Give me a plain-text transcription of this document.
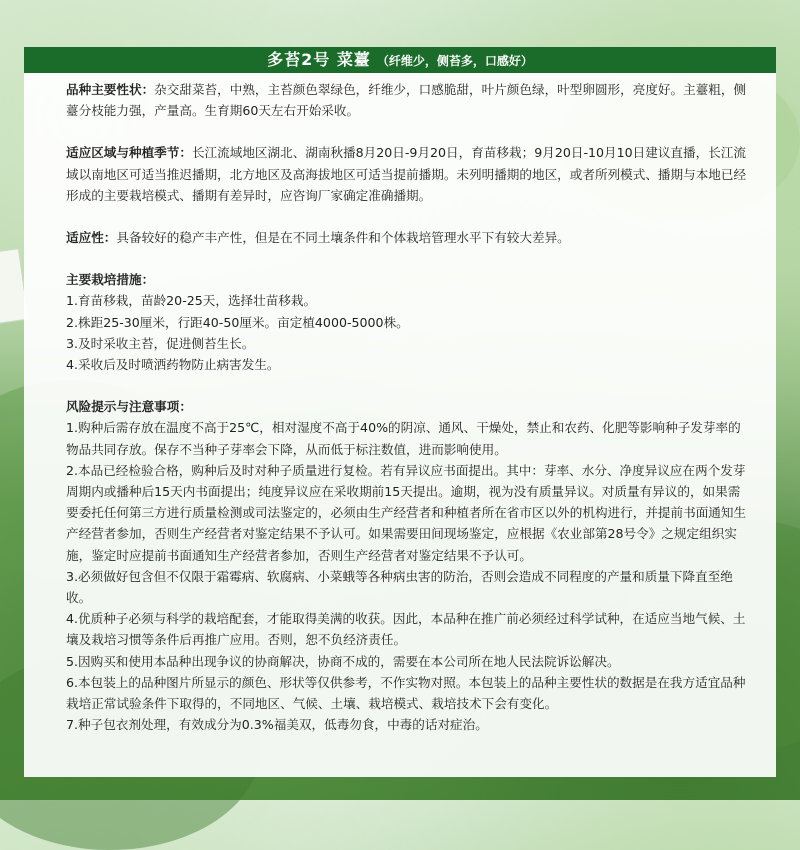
多苔2号 菜薹 （纤维少，侧苔多，口感好）

品种主要性状：杂交甜菜苔，中熟，主苔颜色翠绿色，纤维少，口感脆甜，叶片颜色绿，叶型卵圆形，亮度好。主薹粗，侧薹分枝能力强，产量高。生育期60天左右开始采收。

适应区域与种植季节：长江流域地区湖北、湖南秋播8月20日-9月20日，育苗移栽；9月20日-10月10日建议直播，长江流域以南地区可适当推迟播期，北方地区及高海拔地区可适当提前播期。未列明播期的地区，或者所列模式、播期与本地已经形成的主要栽培模式、播期有差异时，应咨询厂家确定准确播期。

适应性：具备较好的稳产丰产性，但是在不同土壤条件和个体栽培管理水平下有较大差异。

主要栽培措施：

1.育苗移栽，苗龄20-25天，选择壮苗移栽。

2.株距25-30厘米，行距40-50厘米。亩定植4000-5000株。

3.及时采收主苔，促进侧苔生长。

4.采收后及时喷洒药物防止病害发生。

风险提示与注意事项：

1.购种后需存放在温度不高于25℃，相对湿度不高于40%的阴凉、通风、干燥处，禁止和农药、化肥等影响种子发芽率的物品共同存放。保存不当种子芽率会下降，从而低于标注数值，进而影响使用。

2.本品已经检验合格，购种后及时对种子质量进行复检。若有异议应书面提出。其中：芽率、水分、净度异议应在两个发芽周期内或播种后15天内书面提出；纯度异议应在采收期前15天提出。逾期，视为没有质量异议。对质量有异议的，如果需要委托任何第三方进行质量检测或司法鉴定的，必须由生产经营者和种植者所在省市区以外的机构进行，并提前书面通知生产经营者参加，否则生产经营者对鉴定结果不予认可。如果需要田间现场鉴定，应根据《农业部第28号令》之规定组织实施，鉴定时应提前书面通知生产经营者参加，否则生产经营者对鉴定结果不予认可。

3.必须做好包含但不仅限于霜霉病、软腐病、小菜蛾等各种病虫害的防治，否则会造成不同程度的产量和质量下降直至绝收。

4.优质种子必须与科学的栽培配套，才能取得美满的收获。因此，本品种在推广前必须经过科学试种，在适应当地气候、土壤及栽培习惯等条件后再推广应用。否则，恕不负经济责任。

5.因购买和使用本品种出现争议的协商解决，协商不成的，需要在本公司所在地人民法院诉讼解决。

6.本包装上的品种图片所显示的颜色、形状等仅供参考，不作实物对照。本包装上的品种主要性状的数据是在我方适宜品种栽培正常试验条件下取得的，不同地区、气候、土壤、栽培模式、栽培技术下会有变化。

7.种子包衣剂处理，有效成分为0.3%福美双，低毒勿食，中毒的话对症治。
